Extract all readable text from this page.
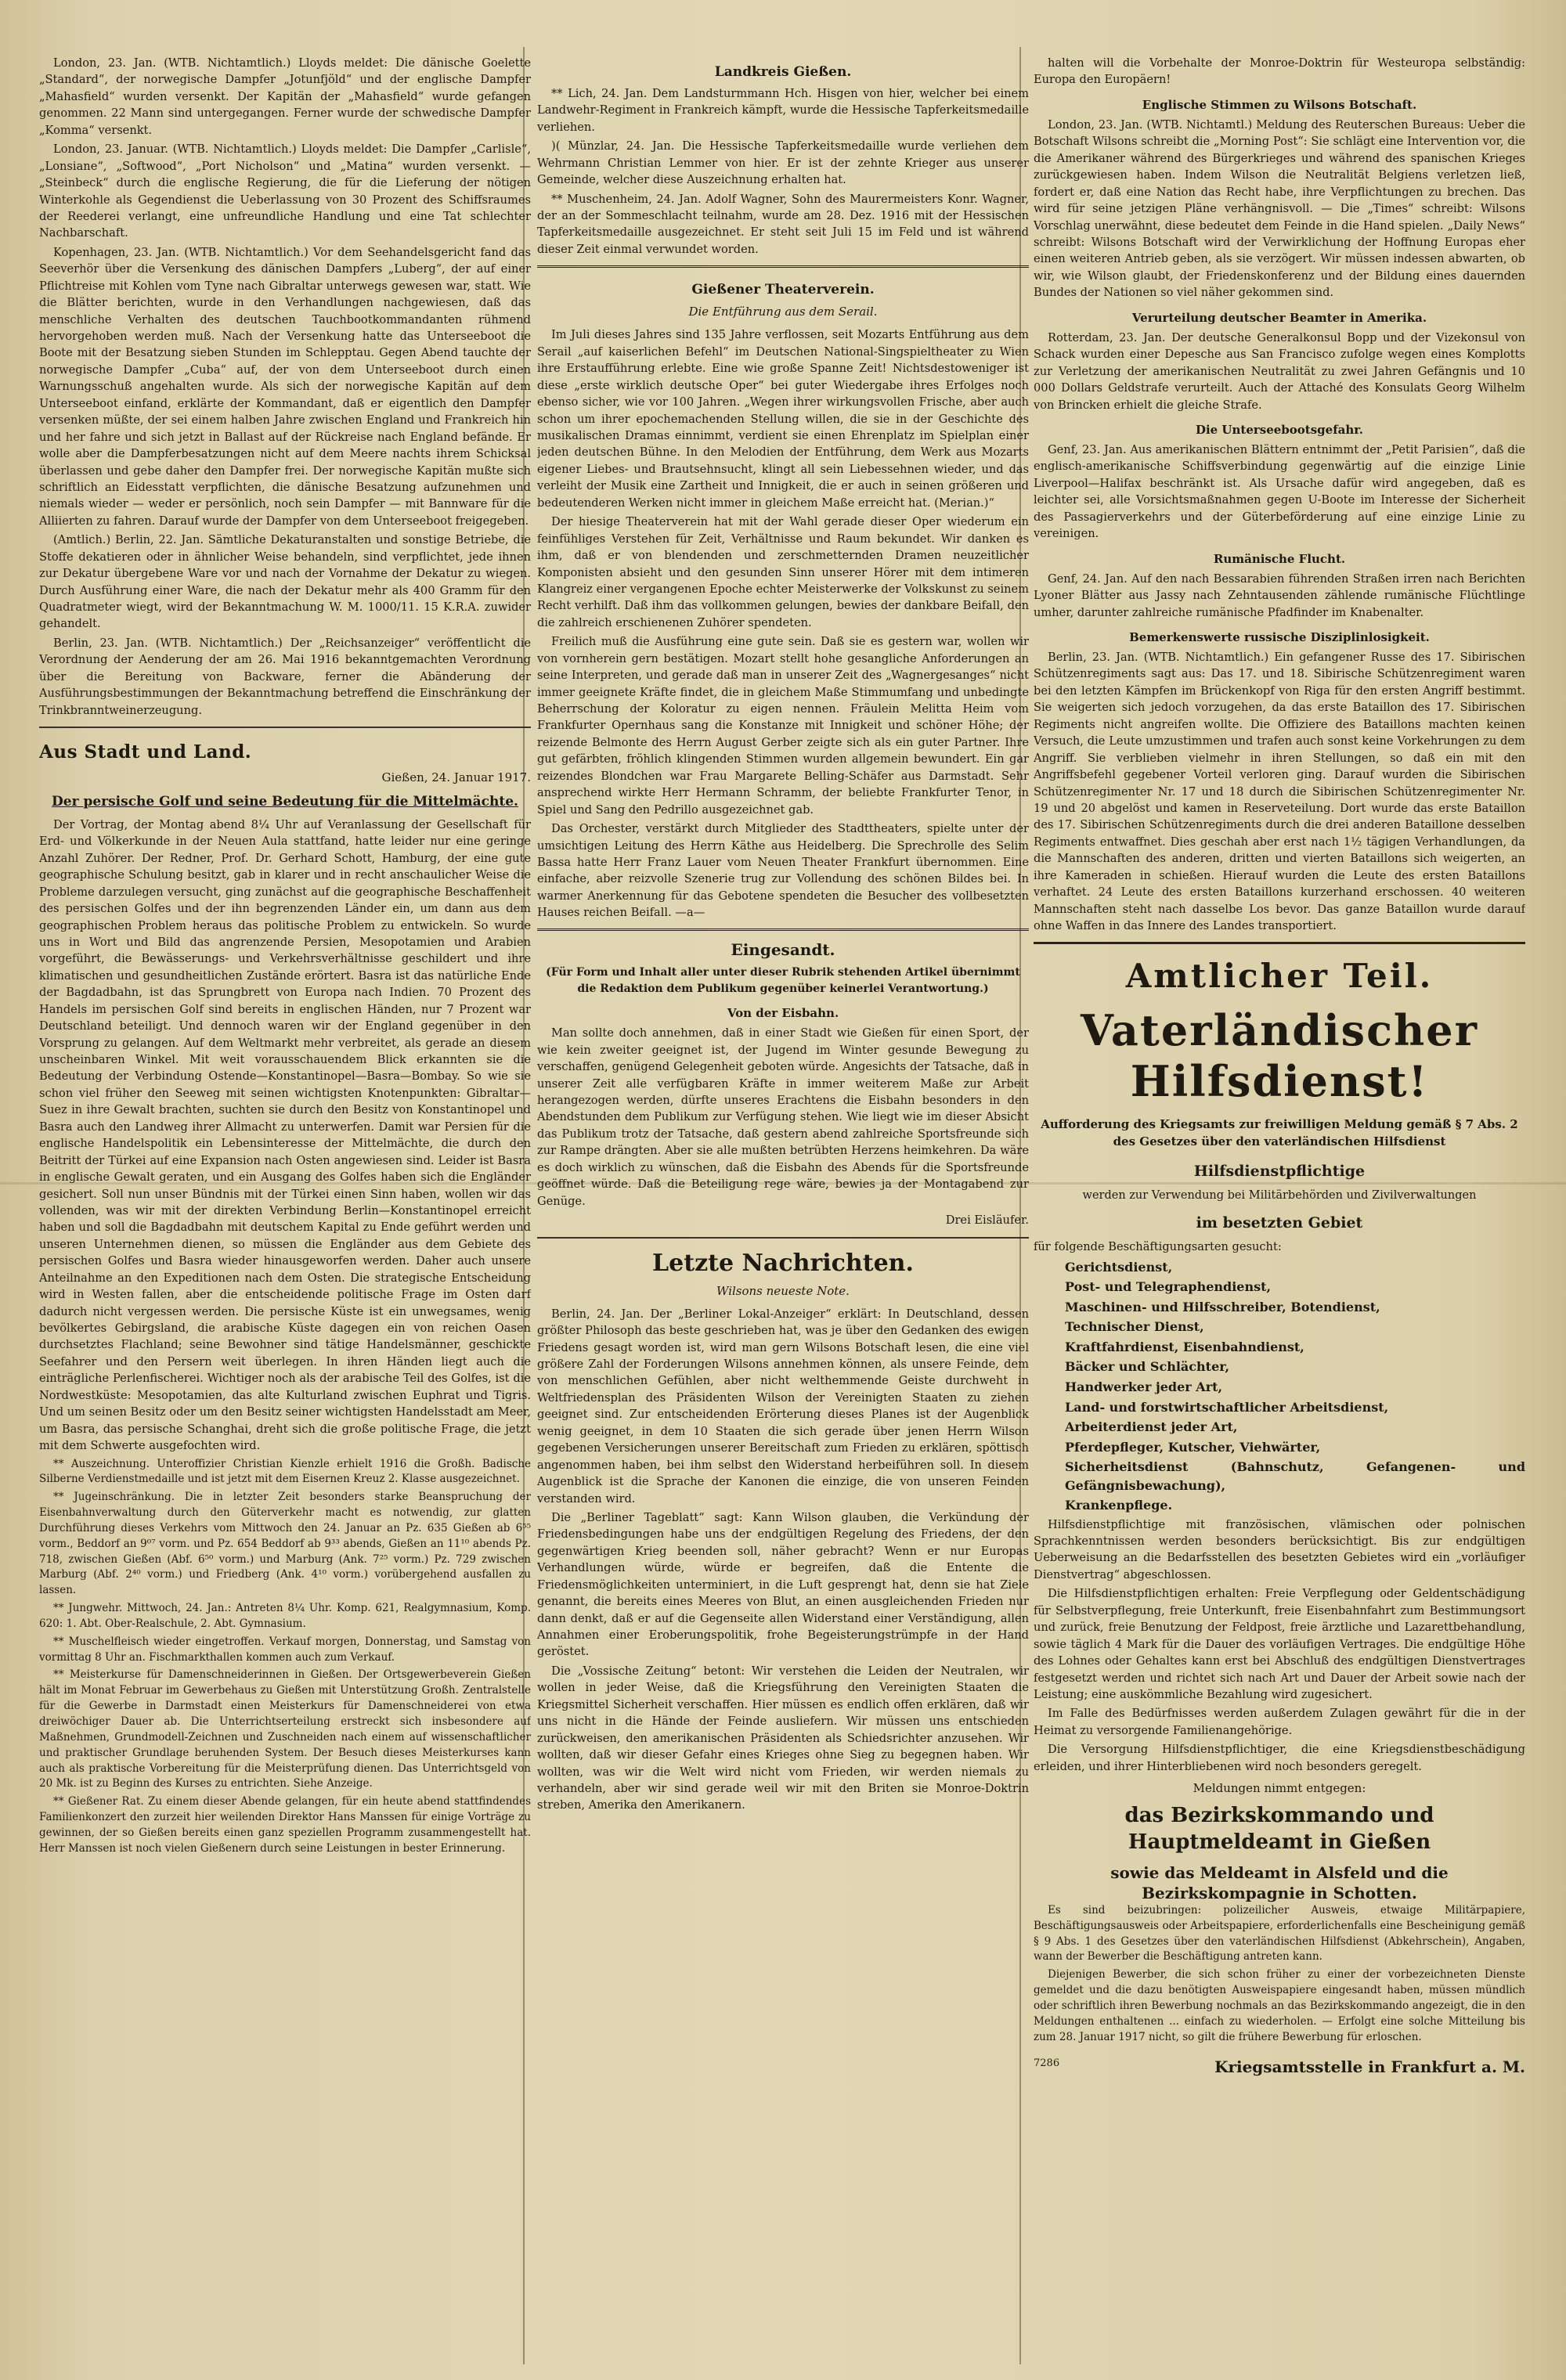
London, 23. Jan. (WTB. Nichtamtlich.) Lloyds meldet: Die dänische Goelette „Standard“, der norwegische Dampfer „Jotunfjöld“ und der englische Dampfer „Mahasfield“ wurden versenkt. Der Kapitän der „Mahasfield“ wurde gefangen genommen. 22 Mann sind untergegangen. Ferner wurde der schwedische Dampfer „Komma“ versenkt.

London, 23. Januar. (WTB. Nichtamtlich.) Lloyds meldet: Die Dampfer „Carlisle“, „Lonsiane“, „Softwood“, „Port Nicholson“ und „Matina“ wurden versenkt. — „Steinbeck“ durch die englische Regierung, die für die Lieferung der nötigen Winterkohle als Gegendienst die Ueberlassung von 30 Prozent des Schiffsraumes der Reederei verlangt, eine unfreundliche Handlung und eine Tat schlechter Nachbarschaft.

Kopenhagen, 23. Jan. (WTB. Nichtamtlich.) Vor dem Seehandelsgericht fand das Seeverhör über die Versenkung des dänischen Dampfers „Luberg“, der auf einer Pflichtreise mit Kohlen vom Tyne nach Gibraltar unterwegs gewesen war, statt. Wie die Blätter berichten, wurde in den Verhandlungen nachgewiesen, daß das menschliche Verhalten des deutschen Tauchbootkommandanten rühmend hervorgehoben werden muß. Nach der Versenkung hatte das Unterseeboot die Boote mit der Besatzung sieben Stunden im Schlepptau. Gegen Abend tauchte der norwegische Dampfer „Cuba“ auf, der von dem Unterseeboot durch einen Warnungsschuß angehalten wurde. Als sich der norwegische Kapitän auf dem Unterseeboot einfand, erklärte der Kommandant, daß er eigentlich den Dampfer versenken müßte, der sei einem halben Jahre zwischen England und Frankreich hin und her fahre und sich jetzt in Ballast auf der Rückreise nach England befände. Er wolle aber die Dampferbesatzungen nicht auf dem Meere nachts ihrem Schicksal überlassen und gebe daher den Dampfer frei. Der norwegische Kapitän mußte sich schriftlich an Eidesstatt verpflichten, die dänische Besatzung aufzunehmen und niemals wieder — weder er persönlich, noch sein Dampfer — mit Bannware für die Alliierten zu fahren. Darauf wurde der Dampfer von dem Unterseeboot freigegeben.

(Amtlich.) Berlin, 22. Jan. Sämtliche Dekaturanstalten und sonstige Betriebe, die Stoffe dekatieren oder in ähnlicher Weise behandeln, sind verpflichtet, jede ihnen zur Dekatur übergebene Ware vor und nach der Vornahme der Dekatur zu wiegen. Durch Ausführung einer Ware, die nach der Dekatur mehr als 400 Gramm für den Quadratmeter wiegt, wird der Bekanntmachung W. M. 1000/11. 15 K.R.A. zuwider gehandelt.

Berlin, 23. Jan. (WTB. Nichtamtlich.) Der „Reichsanzeiger“ veröffentlicht die Verordnung der Aenderung der am 26. Mai 1916 bekanntgemachten Verordnung über die Bereitung von Backware, ferner die Abänderung der Ausführungsbestimmungen der Bekanntmachung betreffend die Einschränkung der Trinkbranntweinerzeugung.

Aus Stadt und Land.
Gießen, 24. Januar 1917.
Der persische Golf und seine Bedeutung für die Mittelmächte.

Der Vortrag, der Montag abend 8¼ Uhr auf Veranlassung der Gesellschaft für Erd- und Völkerkunde in der Neuen Aula stattfand, hatte leider nur eine geringe Anzahl Zuhörer. Der Redner, Prof. Dr. Gerhard Schott, Hamburg, der eine gute geographische Schulung besitzt, gab in klarer und in recht anschaulicher Weise die Probleme darzulegen versucht, ging zunächst auf die geographische Beschaffenheit des persischen Golfes und der ihn begrenzenden Länder ein, um dann aus dem geographischen Problem heraus das politische Problem zu entwickeln. So wurde uns in Wort und Bild das angrenzende Persien, Mesopotamien und Arabien vorgeführt, die Bewässerungs- und Verkehrsverhältnisse geschildert und ihre klimatischen und gesundheitlichen Zustände erörtert. Basra ist das natürliche Ende der Bagdadbahn, ist das Sprungbrett von Europa nach Indien. 70 Prozent des Handels im persischen Golf sind bereits in englischen Händen, nur 7 Prozent war Deutschland beteiligt. Und dennoch waren wir der England gegenüber in den Vorsprung zu gelangen. Auf dem Weltmarkt mehr verbreitet, als gerade an diesem unscheinbaren Winkel. Mit weit vorausschauendem Blick erkannten sie die Bedeutung der Verbindung Ostende—Konstantinopel—Basra—Bombay. So wie sie schon viel früher den Seeweg mit seinen wichtigsten Knotenpunkten: Gibraltar—Suez in ihre Gewalt brachten, suchten sie durch den Besitz von Konstantinopel und Basra auch den Landweg ihrer Allmacht zu unterwerfen. Damit war Persien für die englische Handelspolitik ein Lebensinteresse der Mittelmächte, die durch den Beitritt der Türkei auf eine Expansion nach Osten angewiesen sind. Leider ist Basra in englische Gewalt geraten, und ein Ausgang des Golfes haben sich die Engländer gesichert. Soll nun unser Bündnis mit der Türkei einen Sinn haben, wollen wir das vollenden, was wir mit der direkten Verbindung Berlin—Konstantinopel erreicht haben und soll die Bagdadbahn mit deutschem Kapital zu Ende geführt werden und unseren Unternehmen dienen, so müssen die Engländer aus dem Gebiete des persischen Golfes und Basra wieder hinausgeworfen werden. Daher auch unsere Anteilnahme an den Expeditionen nach dem Osten. Die strategische Entscheidung wird in Westen fallen, aber die entscheidende politische Frage im Osten darf dadurch nicht vergessen werden. Die persische Küste ist ein unwegsames, wenig bevölkertes Gebirgsland, die arabische Küste dagegen ein von reichen Oasen durchsetztes Flachland; seine Bewohner sind tätige Handelsmänner, geschickte Seefahrer und den Persern weit überlegen. In ihren Händen liegt auch die einträgliche Perlenfischerei. Wichtiger noch als der arabische Teil des Golfes, ist die Nordwestküste: Mesopotamien, das alte Kulturland zwischen Euphrat und Tigris. Und um seinen Besitz oder um den Besitz seiner wichtigsten Handelsstadt am Meer, um Basra, das persische Schanghai, dreht sich die große politische Frage, die jetzt mit dem Schwerte ausgefochten wird.

** Auszeichnung. Unteroffizier Christian Kienzle erhielt 1916 die Großh. Badische Silberne Verdienstmedaille und ist jetzt mit dem Eisernen Kreuz 2. Klasse ausgezeichnet.

** Jugeinschränkung. Die in letzter Zeit besonders starke Beanspruchung der Eisenbahnverwaltung durch den Güterverkehr macht es notwendig, zur glatten Durchführung dieses Verkehrs vom Mittwoch den 24. Januar an Pz. 635 Gießen ab 6⁵⁵ vorm., Beddorf an 9⁰⁷ vorm. und Pz. 654 Beddorf ab 9³³ abends, Gießen an 11¹⁰ abends Pz. 718, zwischen Gießen (Abf. 6⁵⁰ vorm.) und Marburg (Ank. 7²⁵ vorm.) Pz. 729 zwischen Marburg (Abf. 2⁴⁰ vorm.) und Friedberg (Ank. 4¹⁰ vorm.) vorübergehend ausfallen zu lassen.

** Jungwehr. Mittwoch, 24. Jan.: Antreten 8¼ Uhr. Komp. 621, Realgymnasium, Komp. 620: 1. Abt. Ober-Realschule, 2. Abt. Gymnasium.

** Muschelfleisch wieder eingetroffen. Verkauf morgen, Donnerstag, und Samstag von vormittag 8 Uhr an. Fischmarkthallen kommen auch zum Verkauf.

** Meisterkurse für Damenschneiderinnen in Gießen. Der Ortsgewerbeverein Gießen hält im Monat Februar im Gewerbehaus zu Gießen mit Unterstützung Großh. Zentralstelle für die Gewerbe in Darmstadt einen Meisterkurs für Damenschneiderei von etwa dreiwöchiger Dauer ab. Die Unterrichtserteilung erstreckt sich insbesondere auf Maßnehmen, Grundmodell-Zeichnen und Zuschneiden nach einem auf wissenschaftlicher und praktischer Grundlage beruhenden System. Der Besuch dieses Meisterkurses kann auch als praktische Vorbereitung für die Meisterprüfung dienen. Das Unterrichtsgeld von 20 Mk. ist zu Beginn des Kurses zu entrichten. Siehe Anzeige.

** Gießener Rat. Zu einem dieser Abende gelangen, für ein heute abend stattfindendes Familienkonzert den zurzeit hier weilenden Direktor Hans Manssen für einige Vorträge zu gewinnen, der so Gießen bereits einen ganz speziellen Programm zusammengestellt hat. Herr Manssen ist noch vielen Gießenern durch seine Leistungen in bester Erinnerung.

Landkreis Gießen.

** Lich, 24. Jan. Dem Landsturmmann Hch. Hisgen von hier, welcher bei einem Landwehr-Regiment in Frankreich kämpft, wurde die Hessische Tapferkeitsmedaille verliehen.

)( Münzlar, 24. Jan. Die Hessische Tapferkeitsmedaille wurde verliehen dem Wehrmann Christian Lemmer von hier. Er ist der zehnte Krieger aus unserer Gemeinde, welcher diese Auszeichnung erhalten hat.

** Muschenheim, 24. Jan. Adolf Wagner, Sohn des Maurermeisters Konr. Wagner, der an der Sommeschlacht teilnahm, wurde am 28. Dez. 1916 mit der Hessischen Tapferkeitsmedaille ausgezeichnet. Er steht seit Juli 15 im Feld und ist während dieser Zeit einmal verwundet worden.

Gießener Theaterverein.
Die Entführung aus dem Serail.

Im Juli dieses Jahres sind 135 Jahre verflossen, seit Mozarts Entführung aus dem Serail „auf kaiserlichen Befehl“ im Deutschen National-Singspieltheater zu Wien ihre Erstaufführung erlebte. Eine wie große Spanne Zeit! Nichtsdestoweniger ist diese „erste wirklich deutsche Oper“ bei guter Wiedergabe ihres Erfolges noch ebenso sicher, wie vor 100 Jahren. „Wegen ihrer wirkungsvollen Frische, aber auch schon um ihrer epochemachenden Stellung willen, die sie in der Geschichte des musikalischen Dramas einnimmt, verdient sie einen Ehrenplatz im Spielplan einer jeden deutschen Bühne. In den Melodien der Entführung, dem Werk aus Mozarts eigener Liebes- und Brautsehnsucht, klingt all sein Liebessehnen wieder, und das verleiht der Musik eine Zartheit und Innigkeit, die er auch in seinen größeren und bedeutenderen Werken nicht immer in gleichem Maße erreicht hat. (Merian.)“

Der hiesige Theaterverein hat mit der Wahl gerade dieser Oper wiederum ein feinfühliges Verstehen für Zeit, Verhältnisse und Raum bekundet. Wir danken es ihm, daß er von blendenden und zerschmetternden Dramen neuzeitlicher Komponisten absieht und den gesunden Sinn unserer Hörer mit dem intimeren Klangreiz einer vergangenen Epoche echter Meisterwerke der Volkskunst zu seinem Recht verhilft. Daß ihm das vollkommen gelungen, bewies der dankbare Beifall, den die zahlreich erschienenen Zuhörer spendeten.

Freilich muß die Ausführung eine gute sein. Daß sie es gestern war, wollen wir von vornherein gern bestätigen. Mozart stellt hohe gesangliche Anforderungen an seine Interpreten, und gerade daß man in unserer Zeit des „Wagnergesanges“ nicht immer geeignete Kräfte findet, die in gleichem Maße Stimmumfang und unbedingte Beherrschung der Koloratur zu eigen nennen. Fräulein Melitta Heim vom Frankfurter Opernhaus sang die Konstanze mit Innigkeit und schöner Höhe; der reizende Belmonte des Herrn August Gerber zeigte sich als ein guter Partner. Ihre gut gefärbten, fröhlich klingenden Stimmen wurden allgemein bewundert. Ein gar reizendes Blondchen war Frau Margarete Belling-Schäfer aus Darmstadt. Sehr ansprechend wirkte Herr Hermann Schramm, der beliebte Frankfurter Tenor, in Spiel und Sang den Pedrillo ausgezeichnet gab.

Das Orchester, verstärkt durch Mitglieder des Stadttheaters, spielte unter der umsichtigen Leitung des Herrn Käthe aus Heidelberg. Die Sprechrolle des Selim Bassa hatte Herr Franz Lauer vom Neuen Theater Frankfurt übernommen. Eine einfache, aber reizvolle Szenerie trug zur Vollendung des schönen Bildes bei. In warmer Anerkennung für das Gebotene spendeten die Besucher des vollbesetzten Hauses reichen Beifall. —a—

Eingesandt.

(Für Form und Inhalt aller unter dieser Rubrik stehenden Artikel übernimmt die Redaktion dem Publikum gegenüber keinerlei Verantwortung.)

Von der Eisbahn.

Man sollte doch annehmen, daß in einer Stadt wie Gießen für einen Sport, der wie kein zweiter geeignet ist, der Jugend im Winter gesunde Bewegung zu verschaffen, genügend Gelegenheit geboten würde. Angesichts der Tatsache, daß in unserer Zeit alle verfügbaren Kräfte in immer weiterem Maße zur Arbeit herangezogen werden, dürfte unseres Erachtens die Eisbahn besonders in den Abendstunden dem Publikum zur Verfügung stehen. Wie liegt wie im dieser Absicht das Publikum trotz der Tatsache, daß gestern abend zahlreiche Sportsfreunde sich zur Rampe drängten. Aber sie alle mußten betrübten Herzens heimkehren. Da wäre es doch wirklich zu wünschen, daß die Eisbahn des Abends für die Sportsfreunde geöffnet würde. Daß die Beteiligung rege wäre, bewies ja der Montagabend zur Genüge.

Drei Eisläufer.

Letzte Nachrichten.
Wilsons neueste Note.

Berlin, 24. Jan. Der „Berliner Lokal-Anzeiger“ erklärt: In Deutschland, dessen größter Philosoph das beste geschrieben hat, was je über den Gedanken des ewigen Friedens gesagt worden ist, wird man gern Wilsons Botschaft lesen, die eine viel größere Zahl der Forderungen Wilsons annehmen können, als unsere Feinde, dem von menschlichen Gefühlen, aber nicht welthemmende Geiste durchweht in Weltfriedensplan des Präsidenten Wilson der Vereinigten Staaten zu ziehen geeignet sind. Zur entscheidenden Erörterung dieses Planes ist der Augenblick wenig geeignet, in dem 10 Staaten die sich gerade über jenen Herrn Wilson gegebenen Versicherungen unserer Bereitschaft zum Frieden zu erklären, spöttisch angenommen haben, bei ihm selbst den Widerstand herbeiführen soll. In diesem Augenblick ist die Sprache der Kanonen die einzige, die von unseren Feinden verstanden wird.

Die „Berliner Tageblatt“ sagt: Kann Wilson glauben, die Verkündung der Friedensbedingungen habe uns der endgültigen Regelung des Friedens, der den gegenwärtigen Krieg beenden soll, näher gebracht? Wenn er nur Europas Verhandlungen würde, würde er begreifen, daß die Entente die Friedensmöglichkeiten unterminiert, in die Luft gesprengt hat, denn sie hat Ziele genannt, die bereits eines Meeres von Blut, an einen ausgleichenden Frieden nur dann denkt, daß er auf die Gegenseite allen Widerstand einer Verständigung, allen Annahmen einer Eroberungspolitik, frohe Begeisterungstrümpfe in der Hand geröstet.

Die „Vossische Zeitung“ betont: Wir verstehen die Leiden der Neutralen, wir wollen in jeder Weise, daß die Kriegsführung den Vereinigten Staaten die Kriegsmittel Sicherheit verschaffen. Hier müssen es endlich offen erklären, daß wir uns nicht in die Hände der Feinde ausliefern. Wir müssen uns entschieden zurückweisen, den amerikanischen Präsidenten als Schiedsrichter anzusehen. Wir wollten, daß wir dieser Gefahr eines Krieges ohne Sieg zu begegnen haben. Wir wollten, was wir die Welt wird nicht vom Frieden, wir werden niemals zu verhandeln, aber wir sind gerade weil wir mit den Briten sie Monroe-Doktrin streben, Amerika den Amerikanern.

halten will die Vorbehalte der Monroe-Doktrin für Westeuropa selbständig: Europa den Europäern!

Englische Stimmen zu Wilsons Botschaft.

London, 23. Jan. (WTB. Nichtamtl.) Meldung des Reuterschen Bureaus: Ueber die Botschaft Wilsons schreibt die „Morning Post“: Sie schlägt eine Intervention vor, die die Amerikaner während des Bürgerkrieges und während des spanischen Krieges zurückgewiesen haben. Indem Wilson die Neutralität Belgiens verletzen ließ, fordert er, daß eine Nation das Recht habe, ihre Verpflichtungen zu brechen. Das wird für seine jetzigen Pläne verhängnisvoll. — Die „Times“ schreibt: Wilsons Vorschlag unerwähnt, diese bedeutet dem Feinde in die Hand spielen. „Daily News“ schreibt: Wilsons Botschaft wird der Verwirklichung der Hoffnung Europas eher einen weiteren Antrieb geben, als sie verzögert. Wir müssen indessen abwarten, ob wir, wie Wilson glaubt, der Friedenskonferenz und der Bildung eines dauernden Bundes der Nationen so viel näher gekommen sind.

Verurteilung deutscher Beamter in Amerika.

Rotterdam, 23. Jan. Der deutsche Generalkonsul Bopp und der Vizekonsul von Schack wurden einer Depesche aus San Francisco zufolge wegen eines Komplotts zur Verletzung der amerikanischen Neutralität zu zwei Jahren Gefängnis und 10 000 Dollars Geldstrafe verurteilt. Auch der Attaché des Konsulats Georg Wilhelm von Brincken erhielt die gleiche Strafe.

Die Unterseebootsgefahr.

Genf, 23. Jan. Aus amerikanischen Blättern entnimmt der „Petit Parisien“, daß die englisch-amerikanische Schiffsverbindung gegenwärtig auf die einzige Linie Liverpool—Halifax beschränkt ist. Als Ursache dafür wird angegeben, daß es leichter sei, alle Vorsichtsmaßnahmen gegen U-Boote im Interesse der Sicherheit des Passagierverkehrs und der Güterbeförderung auf eine einzige Linie zu vereinigen.

Rumänische Flucht.

Genf, 24. Jan. Auf den nach Bessarabien führenden Straßen irren nach Berichten Lyoner Blätter aus Jassy nach Zehntausenden zählende rumänische Flüchtlinge umher, darunter zahlreiche rumänische Pfadfinder im Knabenalter.

Bemerkenswerte russische Disziplinlosigkeit.

Berlin, 23. Jan. (WTB. Nichtamtlich.) Ein gefangener Russe des 17. Sibirischen Schützenregiments sagt aus: Das 17. und 18. Sibirische Schützenregiment waren bei den letzten Kämpfen im Brückenkopf von Riga für den ersten Angriff bestimmt. Sie weigerten sich jedoch vorzugehen, da das erste Bataillon des 17. Sibirischen Regiments nicht angreifen wollte. Die Offiziere des Bataillons machten keinen Versuch, die Leute umzustimmen und trafen auch sonst keine Vorkehrungen zu dem Angriff. Sie verblieben vielmehr in ihren Stellungen, so daß ein mit den Angriffsbefehl gegebener Vorteil verloren ging. Darauf wurden die Sibirischen Schützenregimenter Nr. 17 und 18 durch die Sibirischen Schützenregimenter Nr. 19 und 20 abgelöst und kamen in Reserveteilung. Dort wurde das erste Bataillon des 17. Sibirischen Schützenregiments durch die drei anderen Bataillone desselben Regiments entwaffnet. Dies geschah aber erst nach 1½ tägigen Verhandlungen, da die Mannschaften des anderen, dritten und vierten Bataillons sich weigerten, an ihre Kameraden in schießen. Hierauf wurden die Leute des ersten Bataillons verhaftet. 24 Leute des ersten Bataillons kurzerhand erschossen. 40 weiteren Mannschaften steht nach dasselbe Los bevor. Das ganze Bataillon wurde darauf ohne Waffen in das Innere des Landes transportiert.

Amtlicher Teil.
Vaterländischer
Hilfsdienst!
Aufforderung des Kriegsamts zur freiwilligen Meldung gemäß § 7 Abs. 2 des Gesetzes über den vaterländischen Hilfsdienst
Hilfsdienstpflichtige
werden zur Verwendung bei Militärbehörden und Zivilverwaltungen
im besetzten Gebiet

für folgende Beschäftigungsarten gesucht:

Gerichtsdienst,
Post- und Telegraphendienst,
Maschinen- und Hilfsschreiber, Botendienst,
Technischer Dienst,
Kraftfahrdienst, Eisenbahndienst,
Bäcker und Schlächter,
Handwerker jeder Art,
Land- und forstwirtschaftlicher Arbeitsdienst,
Arbeiterdienst jeder Art,
Pferdepfleger, Kutscher, Viehwärter,
Sicherheitsdienst (Bahnschutz, Gefangenen- und Gefängnisbewachung),
Krankenpflege.

Hilfsdienstpflichtige mit französischen, vlämischen oder polnischen Sprachkenntnissen werden besonders berücksichtigt. Bis zur endgültigen Ueberweisung an die Bedarfsstellen des besetzten Gebietes wird ein „vorläufiger Dienstvertrag“ abgeschlossen.

Die Hilfsdienstpflichtigen erhalten: Freie Verpflegung oder Geldentschädigung für Selbstverpflegung, freie Unterkunft, freie Eisenbahnfahrt zum Bestimmungsort und zurück, freie Benutzung der Feldpost, freie ärztliche und Lazarettbehandlung, sowie täglich 4 Mark für die Dauer des vorläufigen Vertrages. Die endgültige Höhe des Lohnes oder Gehaltes kann erst bei Abschluß des endgültigen Dienstvertrages festgesetzt werden und richtet sich nach Art und Dauer der Arbeit sowie nach der Leistung; eine auskömmliche Bezahlung wird zugesichert.

Im Falle des Bedürfnisses werden außerdem Zulagen gewährt für die in der Heimat zu versorgende Familienangehörige.

Die Versorgung Hilfsdienstpflichtiger, die eine Kriegsdienstbeschädigung erleiden, und ihrer Hinterbliebenen wird noch besonders geregelt.

Meldungen nimmt entgegen:
das Bezirkskommando und Hauptmeldeamt in Gießen
sowie das Meldeamt in Alsfeld und die Bezirkskompagnie in Schotten.

Es sind beizubringen: polizeilicher Ausweis, etwaige Militärpapiere, Beschäftigungsausweis oder Arbeitspapiere, erforderlichenfalls eine Bescheinigung gemäß § 9 Abs. 1 des Gesetzes über den vaterländischen Hilfsdienst (Abkehrschein), Angaben, wann der Bewerber die Beschäftigung antreten kann.

Diejenigen Bewerber, die sich schon früher zu einer der vorbezeichneten Dienste gemeldet und die dazu benötigten Ausweispapiere eingesandt haben, müssen mündlich oder schriftlich ihren Bewerbung nochmals an das Bezirkskommando angezeigt, die in den Meldungen enthaltenen ... einfach zu wiederholen. — Erfolgt eine solche Mitteilung bis zum 28. Januar 1917 nicht, so gilt die frühere Bewerbung für erloschen.

7286	Kriegsamtsstelle in Frankfurt a. M.
